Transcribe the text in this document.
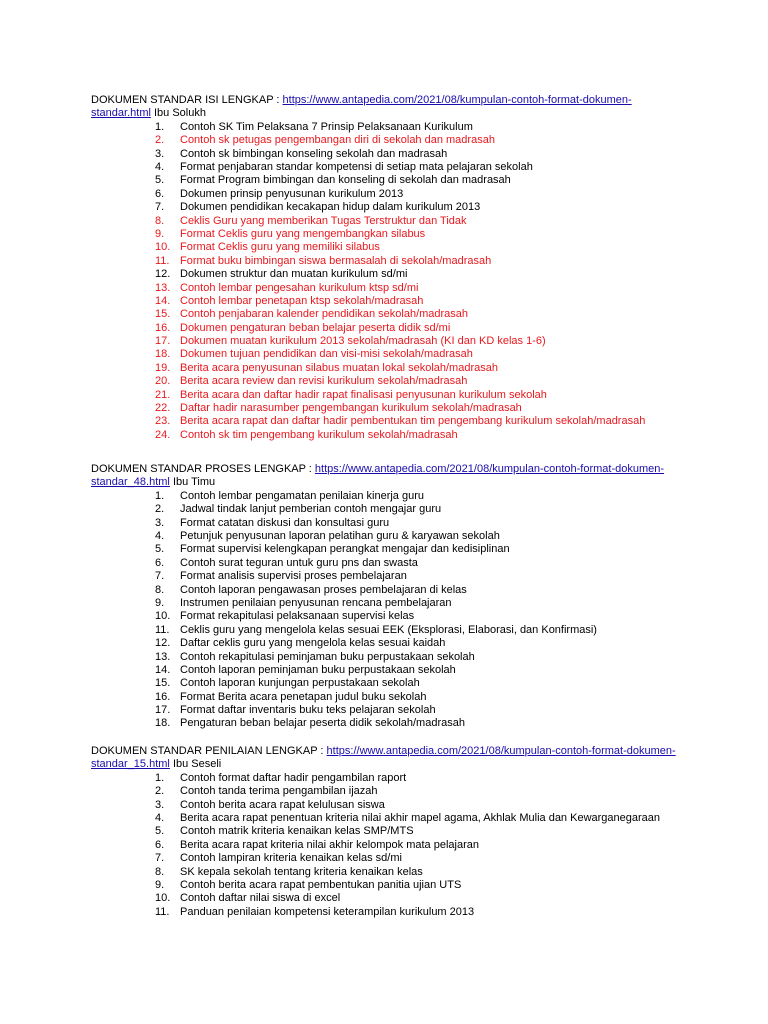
DOKUMEN STANDAR ISI LENGKAP : https://www.antapedia.com/2021/08/kumpulan-contoh-format-dokumen-standar.html Ibu Solukh
1.	Contoh SK Tim Pelaksana 7 Prinsip Pelaksanaan Kurikulum
2.	Contoh sk petugas pengembangan diri di sekolah dan madrasah
3.	Contoh sk bimbingan konseling sekolah dan madrasah
4.	Format penjabaran standar kompetensi di setiap mata pelajaran sekolah
5.	Format Program bimbingan dan konseling di sekolah dan madrasah
6.	Dokumen prinsip penyusunan kurikulum 2013
7.	Dokumen pendidikan kecakapan hidup dalam kurikulum 2013
8.	Ceklis Guru yang memberikan Tugas Terstruktur dan Tidak
9.	Format Ceklis guru yang mengembangkan silabus
10. Format Ceklis guru yang memiliki silabus
11. Format buku bimbingan siswa bermasalah di sekolah/madrasah
12. Dokumen struktur dan muatan kurikulum sd/mi
13. Contoh lembar pengesahan kurikulum ktsp sd/mi
14. Contoh lembar penetapan ktsp sekolah/madrasah
15. Contoh penjabaran kalender pendidikan sekolah/madrasah
16. Dokumen pengaturan beban belajar peserta didik sd/mi
17. Dokumen muatan kurikulum 2013 sekolah/madrasah (KI dan KD kelas 1-6)
18. Dokumen tujuan pendidikan dan visi-misi sekolah/madrasah
19. Berita acara penyusunan silabus muatan lokal sekolah/madrasah
20. Berita acara review dan revisi kurikulum sekolah/madrasah
21. Berita acara dan daftar hadir rapat finalisasi penyusunan kurikulum sekolah
22. Daftar hadir narasumber pengembangan kurikulum sekolah/madrasah
23. Berita acara rapat dan daftar hadir pembentukan tim pengembang kurikulum sekolah/madrasah
24. Contoh sk tim pengembang kurikulum sekolah/madrasah
DOKUMEN STANDAR PROSES LENGKAP : https://www.antapedia.com/2021/08/kumpulan-contoh-format-dokumen-standar_48.html Ibu Timu
1.	Contoh lembar pengamatan penilaian kinerja guru
2.	Jadwal tindak lanjut pemberian contoh mengajar guru
3.	Format catatan diskusi dan konsultasi guru
4.	Petunjuk penyusunan laporan pelatihan guru & karyawan sekolah
5.	Format supervisi kelengkapan perangkat mengajar dan kedisiplinan
6.	Contoh surat teguran untuk guru pns dan swasta
7.	Format analisis supervisi proses pembelajaran
8.	Contoh laporan pengawasan proses pembelajaran di kelas
9.	Instrumen penilaian penyusunan rencana pembelajaran
10. Format rekapitulasi pelaksanaan supervisi kelas
11. Ceklis guru yang mengelola kelas sesuai EEK (Eksplorasi, Elaborasi, dan Konfirmasi)
12. Daftar ceklis guru yang mengelola kelas sesuai kaidah
13. Contoh rekapitulasi peminjaman buku perpustakaan sekolah
14. Contoh laporan peminjaman buku perpustakaan sekolah
15. Contoh laporan kunjungan perpustakaan sekolah
16. Format Berita acara penetapan judul buku sekolah
17. Format daftar inventaris buku teks pelajaran sekolah
18. Pengaturan beban belajar peserta didik sekolah/madrasah
DOKUMEN STANDAR PENILAIAN LENGKAP : https://www.antapedia.com/2021/08/kumpulan-contoh-format-dokumen-standar_15.html Ibu Seseli
1.	Contoh format daftar hadir pengambilan raport
2.	Contoh tanda terima pengambilan ijazah
3.	Contoh berita acara rapat kelulusan siswa
4.	Berita acara rapat penentuan kriteria nilai akhir mapel agama, Akhlak Mulia dan Kewarganegaraan
5.	Contoh matrik kriteria kenaikan kelas SMP/MTS
6.	Berita acara rapat kriteria nilai akhir kelompok mata pelajaran
7.	Contoh lampiran kriteria kenaikan kelas sd/mi
8.	SK kepala sekolah tentang kriteria kenaikan kelas
9.	Contoh berita acara rapat pembentukan panitia ujian UTS
10. Contoh daftar nilai siswa di excel
11. Panduan penilaian kompetensi keterampilan kurikulum 2013
